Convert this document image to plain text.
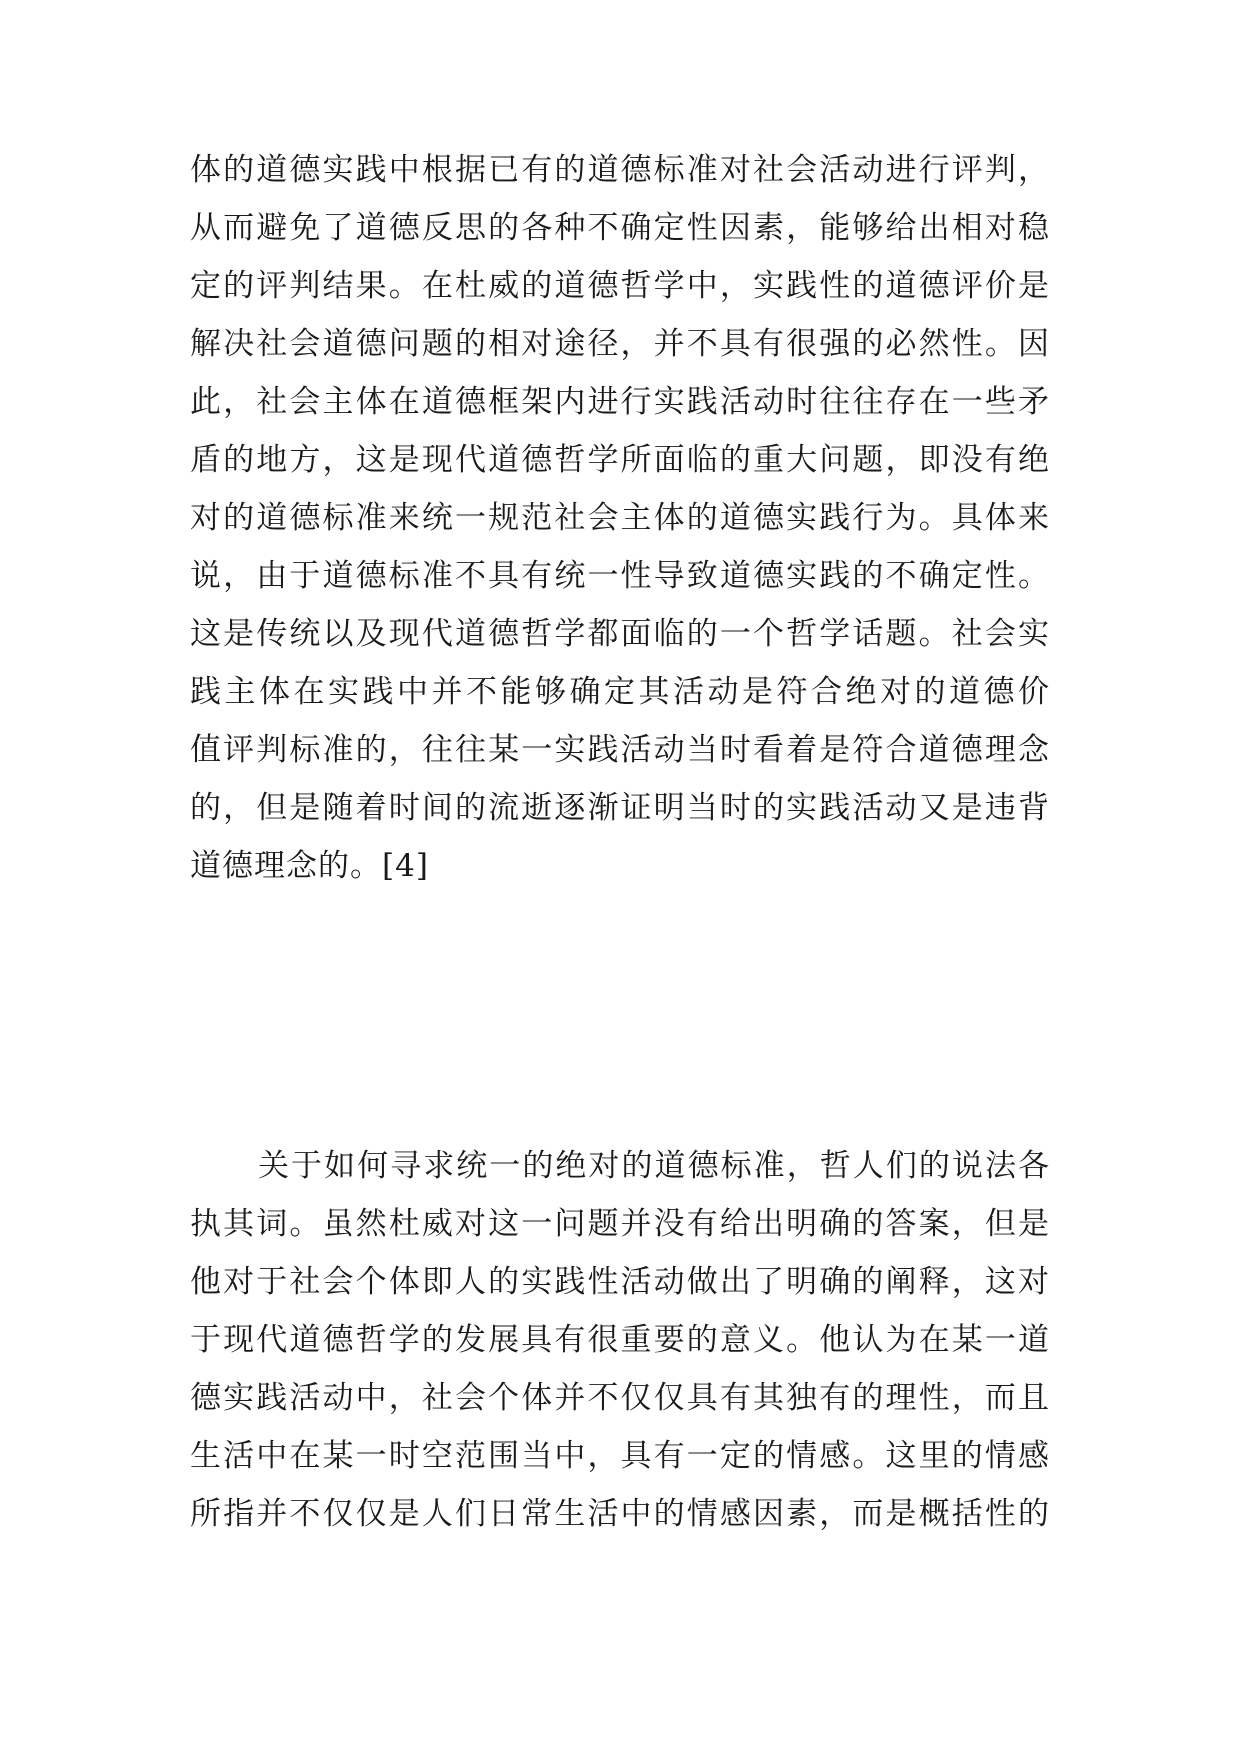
体的道德实践中根据已有的道德标准对社会活动进行评判，
从而避免了道德反思的各种不确定性因素，能够给出相对稳
定的评判结果。在杜威的道德哲学中，实践性的道德评价是
解决社会道德问题的相对途径，并不具有很强的必然性。因
此，社会主体在道德框架内进行实践活动时往往存在一些矛
盾的地方，这是现代道德哲学所面临的重大问题，即没有绝
对的道德标准来统一规范社会主体的道德实践行为。具体来
说，由于道德标准不具有统一性导致道德实践的不确定性。
这是传统以及现代道德哲学都面临的一个哲学话题。社会实
践主体在实践中并不能够确定其活动是符合绝对的道德价
值评判标准的，往往某一实践活动当时看着是符合道德理念
的，但是随着时间的流逝逐渐证明当时的实践活动又是违背
道德理念的。[4]
关于如何寻求统一的绝对的道德标准，哲人们的说法各
执其词。虽然杜威对这一问题并没有给出明确的答案，但是
他对于社会个体即人的实践性活动做出了明确的阐释，这对
于现代道德哲学的发展具有很重要的意义。他认为在某一道
德实践活动中，社会个体并不仅仅具有其独有的理性，而且
生活中在某一时空范围当中，具有一定的情感。这里的情感
所指并不仅仅是人们日常生活中的情感因素，而是概括性的
